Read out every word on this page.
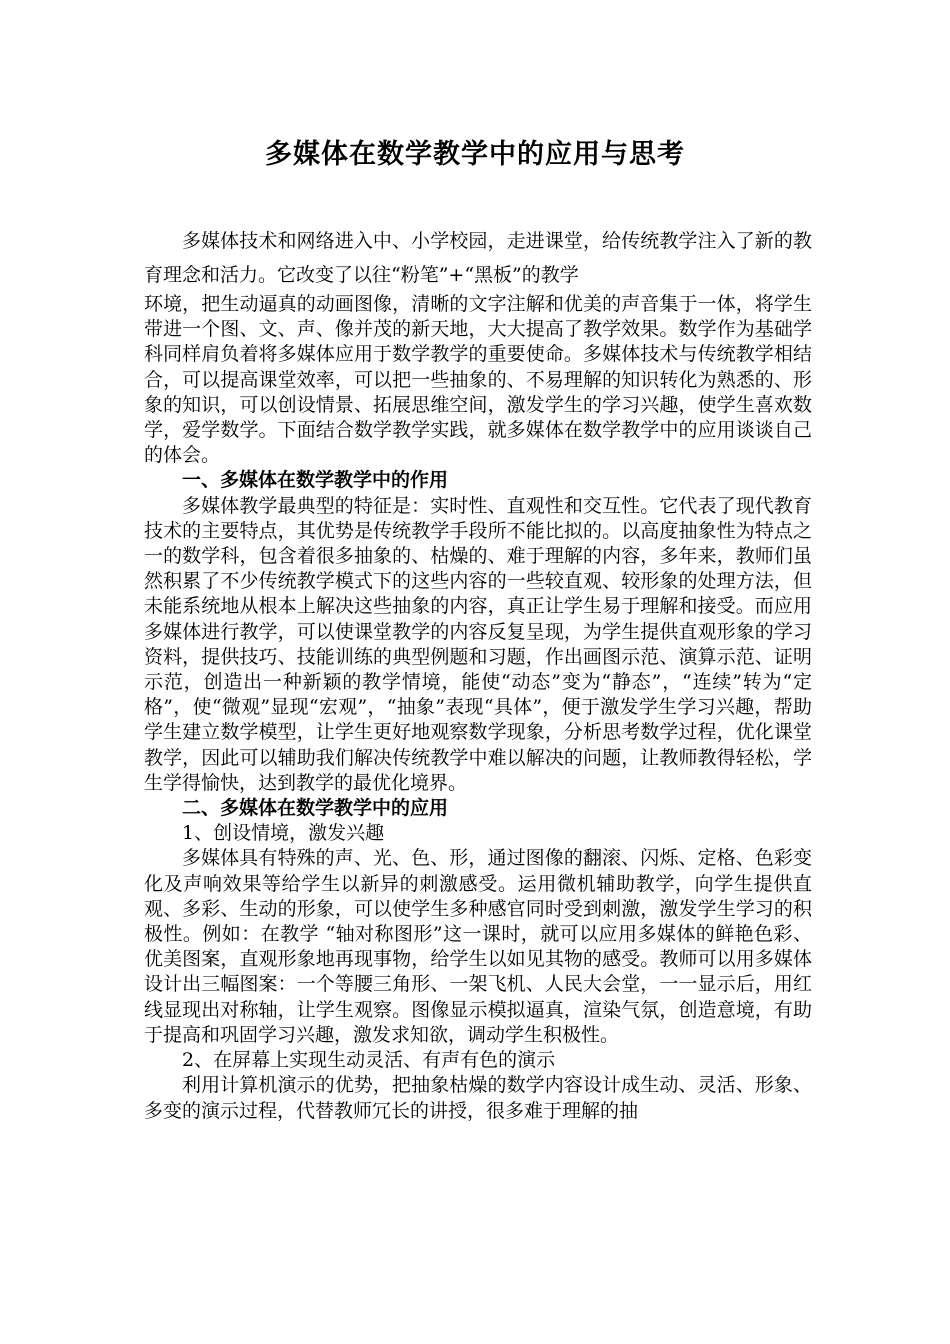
多媒体在数学教学中的应用与思考

多媒体技术和网络进入中、小学校园，走进课堂，给传统教学注入了新的教育理念和活力。它改变了以往“粉笔”+“黑板”的教学

环境，把生动逼真的动画图像，清晰的文字注解和优美的声音集于一体，将学生带进一个图、文、声、像并茂的新天地，大大提高了教学效果。数学作为基础学科同样肩负着将多媒体应用于数学教学的重要使命。多媒体技术与传统教学相结合，可以提高课堂效率，可以把一些抽象的、不易理解的知识转化为熟悉的、形象的知识，可以创设情景、拓展思维空间，激发学生的学习兴趣，使学生喜欢数学，爱学数学。下面结合数学教学实践，就多媒体在数学教学中的应用谈谈自己的体会。

一、多媒体在数学教学中的作用

多媒体教学最典型的特征是：实时性、直观性和交互性。它代表了现代教育技术的主要特点，其优势是传统教学手段所不能比拟的。以高度抽象性为特点之一的数学科，包含着很多抽象的、枯燥的、难于理解的内容，多年来，教师们虽然积累了不少传统教学模式下的这些内容的一些较直观、较形象的处理方法，但未能系统地从根本上解决这些抽象的内容，真正让学生易于理解和接受。而应用多媒体进行教学，可以使课堂教学的内容反复呈现，为学生提供直观形象的学习资料，提供技巧、技能训练的典型例题和习题，作出画图示范、演算示范、证明示范，创造出一种新颖的教学情境，能使“动态”变为“静态”，“连续”转为“定格”，使“微观”显现“宏观”，“抽象”表现“具体”，便于激发学生学习兴趣，帮助学生建立数学模型，让学生更好地观察数学现象，分析思考数学过程，优化课堂教学，因此可以辅助我们解决传统教学中难以解决的问题，让教师教得轻松，学生学得愉快，达到教学的最优化境界。

二、多媒体在数学教学中的应用

1、创设情境，激发兴趣

多媒体具有特殊的声、光、色、形，通过图像的翻滚、闪烁、定格、色彩变化及声响效果等给学生以新异的刺激感受。运用微机辅助教学，向学生提供直观、多彩、生动的形象，可以使学生多种感官同时受到刺激，激发学生学习的积极性。例如：在教学 “轴对称图形”这一课时，就可以应用多媒体的鲜艳色彩、优美图案，直观形象地再现事物，给学生以如见其物的感受。教师可以用多媒体设计出三幅图案：一个等腰三角形、一架飞机、人民大会堂，一一显示后，用红线显现出对称轴，让学生观察。图像显示模拟逼真，渲染气氛，创造意境，有助于提高和巩固学习兴趣，激发求知欲，调动学生积极性。

2、在屏幕上实现生动灵活、有声有色的演示

利用计算机演示的优势，把抽象枯燥的数学内容设计成生动、灵活、形象、多变的演示过程，代替教师冗长的讲授，很多难于理解的抽
